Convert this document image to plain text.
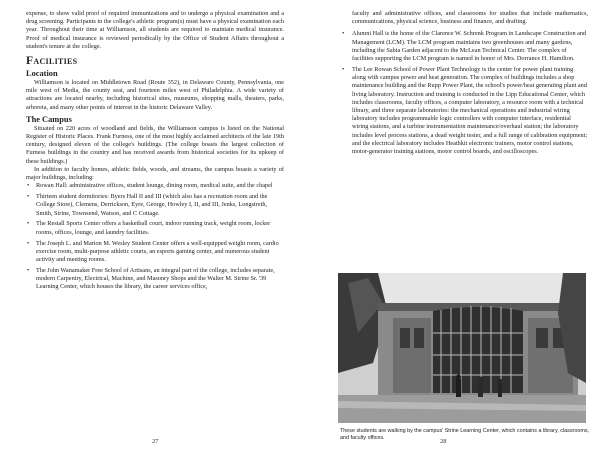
expense, to show valid proof of required immunizations and to undergo a physical examination and a drug screening. Participants in the college's athletic program(s) must have a physical examination each year. Throughout their time at Williamson, all students are required to maintain medical insurance. Proof of medical insurance is reviewed periodically by the Office of Student Affairs throughout a student's tenure at the college.

Facilities
Location

Williamson is located on Middletown Road (Route 352), in Delaware County, Pennsylvania, one mile west of Media, the county seat, and fourteen miles west of Philadelphia. A wide variety of attractions are located nearby, including historical sites, museums, shopping malls, theaters, parks, arboreta, and many other points of interest in the historic Delaware Valley.

The Campus

Situated on 220 acres of woodland and fields, the Williamson campus is listed on the National Register of Historic Places. Frank Furness, one of the most highly acclaimed architects of the late 19th century, designed eleven of the college's buildings. (The college boasts the largest collection of Furness buildings in the country and has received awards from historical societies for its upkeep of these buildings.)

In addition to faculty homes, athletic fields, woods, and streams, the campus boasts a variety of major buildings, including:

• Rowan Hall: administrative offices, student lounge, dining room, medical suite, and the chapel
• Thirteen student dormitories: Byers Hall II and III (which also has a recreation room and the College Store), Clemens, Derrickson, Eyre, George, Howley I, II, and III, Jenks, Longstreth, Smith, Strine, Townsend, Watson, and C Cottage.
• The Restall Sports Center offers a basketball court, indoor running track, weight room, locker rooms, offices, lounge, and laundry facilities.
• The Joseph L. and Marion M. Wesley Student Center offers a well-equipped weight room, cardio exercise room, multi-purpose athletic courts, an esports gaming center, and numerous student activity and meeting rooms.
• The John Wanamaker Free School of Artisans, an integral part of the college, includes separate, modern Carpentry, Electrical, Machine, and Masonry Shops and the Walter M. Strine Sr. '39 Learning Center, which houses the library, the career services office,
27

faculty and administrative offices, and classrooms for studies that include mathematics, communications, physical science, business and finance, and drafting.

• Alumni Hall is the home of the Clarence W. Schrenk Program in Landscape Construction and Management (LCM). The LCM program maintains two greenhouses and many gardens, including the Sabia Garden adjacent to the McLean Technical Center. The complex of facilities supporting the LCM program is named in honor of Mrs. Dorrance H. Hamilton.
• The Lee Rowan School of Power Plant Technology is the center for power plant training along with campus power and heat generation. The complex of buildings includes a shop maintenance building and the Rupp Power Plant, the school's power/heat generating plant and living laboratory. Instruction and training is conducted in the Lipp Educational Center, which includes classrooms, faculty offices, a computer laboratory, a resource room with a technical library, and three separate laboratories: the mechanical operations and industrial wiring laboratory includes programmable logic controllers with computer interface, residential wiring stations, and a turbine instrumentation maintenance/overhaul station; the laboratory includes level process stations, a dead weight tester, and a full range of calibration equipment; and the electrical laboratory includes Heathkit electronic trainers, motor control stations, motor-generator training stations, motor control boards, and oscilloscopes.
These students are walking by the campus' Strine Learning Center, which contains a library, classrooms, and faculty offices.	28
